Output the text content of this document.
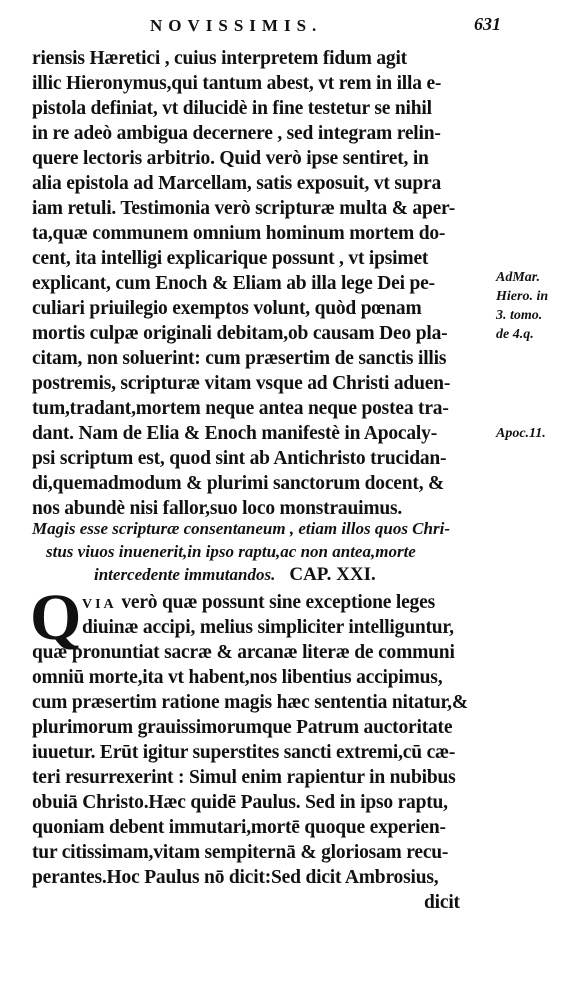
NOVISSIMIS.	631
riensis Hæretici , cuius interpretem fidum agit
illic Hieronymus,qui tantum abest, vt rem in illa e-
pistola definiat, vt dilucidè in fine testetur se nihil
in re adeò ambigua decernere , sed integram relin-
quere lectoris arbitrio. Quid verò ipse sentiret, in
alia epistola ad Marcellam, satis exposuit, vt supra
iam retuli. Testimonia verò scripturæ multa & aper-
ta,quæ communem omnium hominum mortem do-
cent, ita intelligi explicarique possunt , vt ipsimet
explicant, cum Enoch & Eliam ab illa lege Dei pe-
culiari priuilegio exemptos volunt, quòd pœnam
mortis culpæ originali debitam,ob causam Deo pla-
citam, non soluerint: cum præsertim de sanctis illis
postremis, scripturæ vitam vsque ad Christi aduen-
tum,tradant,mortem neque antea neque postea tra-
dant. Nam de Elia & Enoch manifestè in Apocaly-
psi scriptum est, quod sint ab Antichristo trucidan-
di,quemadmodum & plurimi sanctorum docent, &
nos abundè nisi fallor,suo loco monstrauimus.
Magis esse scripturæ consentaneum , etiam illos quos Chri-
stus viuos inuenerit,in ipso raptu,ac non antea,morte
intercedente immutandos. CAP. XXI.
Q VIA verò quæ possunt sine exceptione leges
diuinæ accipi, melius simpliciter intelliguntur,
quæ pronuntiat sacræ & arcanæ literæ de communi
omniū morte,ita vt habent,nos libentius accipimus,
cum præsertim ratione magis hæc sententia nitatur,&
plurimorum grauissimorumque Patrum auctoritate
iuuetur. Erūt igitur superstites sancti extremi,cū cæ-
teri resurrexerint : Simul enim rapientur in nubibus
obuiā Christo.Hæc quidē Paulus. Sed in ipso raptu,
quoniam debent immutari,mortē quoque experien-
tur citissimam,vitam sempiternā & gloriosam recu-
perantes.Hoc Paulus nō dicit:Sed dicit Ambrosius,
dicit
AdMar.
Hiero. in
3. tomo.
de 4.q.
Apoc.11.
